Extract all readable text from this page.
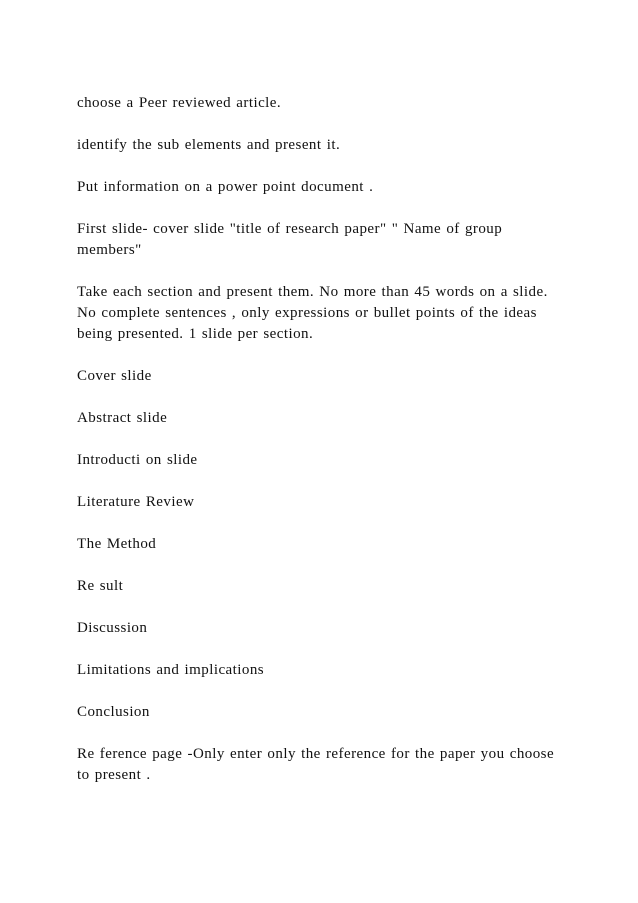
choose a Peer reviewed article.

identify the sub elements and present it.

Put information on a power point document .

First slide- cover slide "title of research paper" " Name of group members"

Take each section and present them. No more than 45 words on a slide. No complete sentences , only expressions or bullet points of the ideas being presented. 1 slide per section.

Cover slide

Abstract slide

Introducti on slide

Literature Review

The Method

Re sult

Discussion

Limitations and implications

Conclusion

Re ference page -Only enter only the reference for the paper you choose to present .
